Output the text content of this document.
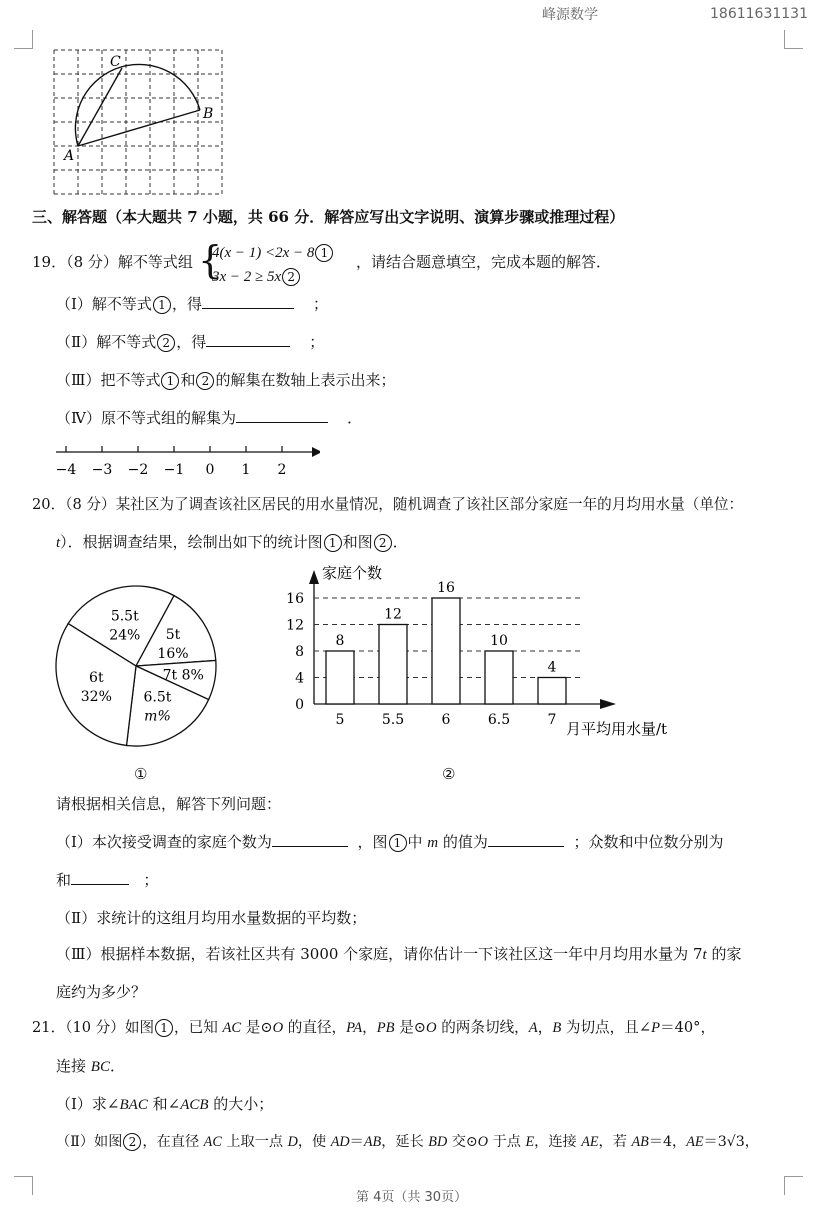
峰源数学	18611631131
C
B
A
三、解答题（本大题共 7 小题，共 66 分．解答应写出文字说明、演算步骤或推理过程）
19．（8 分）解不等式组 {
4(x − 1) <2x − 8 1
3x − 2 ≥ 5x 2
，请结合题意填空，完成本题的解答．
（Ⅰ）解不等式 1 ，得	；
（Ⅱ）解不等式 2 ，得	；
（Ⅲ）把不等式 1 和 2 的解集在数轴上表示出来；
（Ⅳ）原不等式组的解集为	．
−4 −3 −2 −1 0 1 2
20．（8 分）某社区为了调查该社区居民的用水量情况，随机调查了该社区部分家庭一年的月均用水量（单位：
t）．根据调查结果，绘制出如下的统计图 1 和图 2 ．
5.5t
24% 5t
16%
7t 8%
6.5t
m%
6t
32%
①
家庭个数
月平均用水量/t
0
4
8
12
16
8
5
12
5.5
16
6
10
6.5
4
7
②
请根据相关信息，解答下列问题：
（Ⅰ）本次接受调查的家庭个数为	，图 1 中 m 的值为	；众数和中位数分别为
和	；
（Ⅱ）求统计的这组月均用水量数据的平均数；
（Ⅲ）根据样本数据，若该社区共有 3000 个家庭，请你估计一下该社区这一年中月均用水量为 7t 的家
庭约为多少？
21．（10 分）如图 1 ，已知 AC 是⊙O 的直径，PA，PB 是⊙O 的两条切线，A，B 为切点，且∠P＝40°，
连接 BC．
（Ⅰ）求∠BAC 和∠ACB 的大小；
（Ⅱ）如图 2 ，在直径 AC 上取一点 D，使 AD＝AB，延长 BD 交⊙O 于点 E，连接 AE，若 AB＝4，AE＝3√3，
第 4页（共 30页）
